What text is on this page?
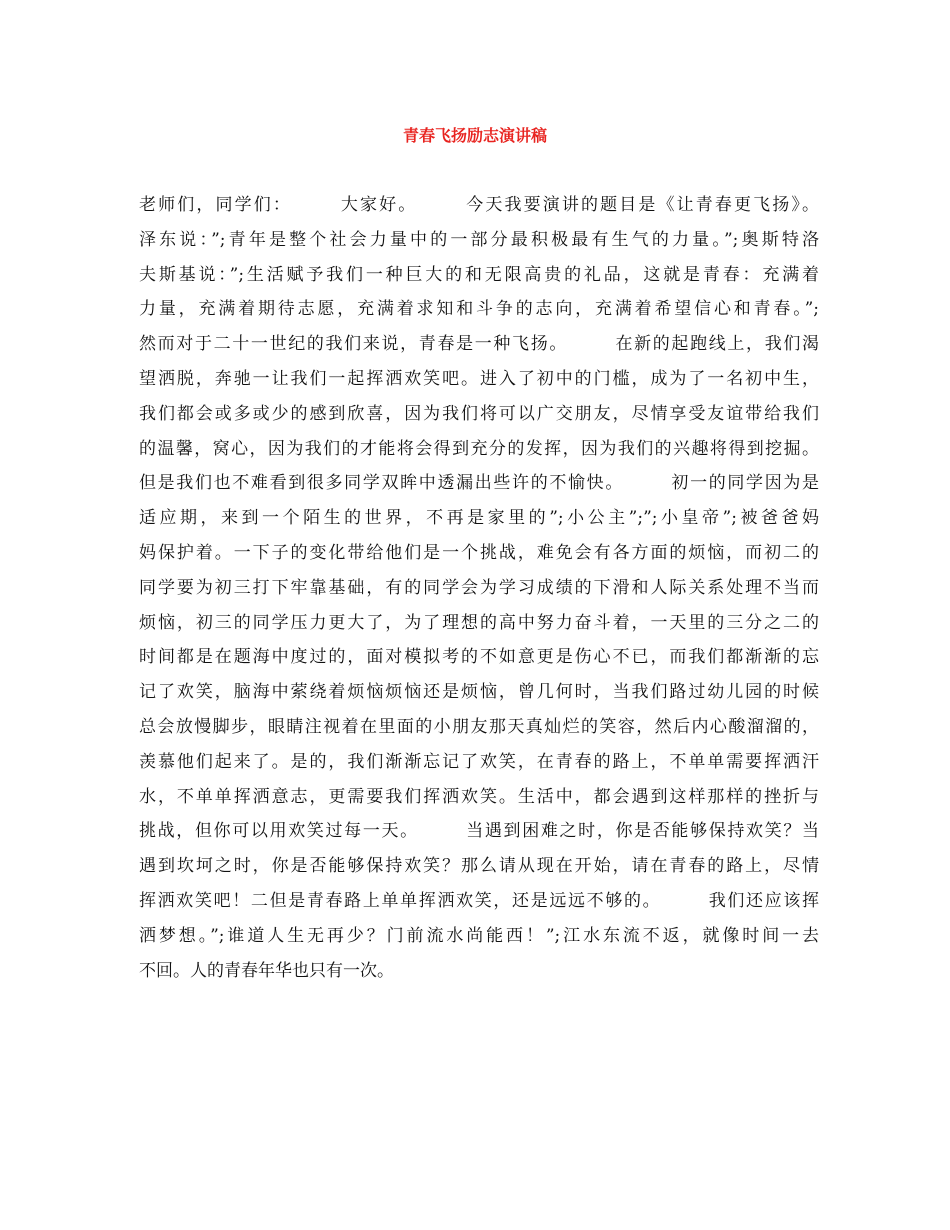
青春飞扬励志演讲稿
老师们，同学们：　　　大家好。　　　今天我要演讲的题目是《让青春更飞扬》。
泽东说：”;青年是整个社会力量中的一部分最积极最有生气的力量。”;奥斯特洛
夫斯基说：”;生活赋予我们一种巨大的和无限高贵的礼品，这就是青春：充满着
力量，充满着期待志愿，充满着求知和斗争的志向，充满着希望信心和青春。”;
然而对于二十一世纪的我们来说，青春是一种飞扬。　　　在新的起跑线上，我们渴
望洒脱，奔驰一让我们一起挥洒欢笑吧。进入了初中的门槛，成为了一名初中生，
我们都会或多或少的感到欣喜，因为我们将可以广交朋友，尽情享受友谊带给我们
的温馨，窝心，因为我们的才能将会得到充分的发挥，因为我们的兴趣将得到挖掘。
但是我们也不难看到很多同学双眸中透漏出些许的不愉快。　　　初一的同学因为是
适应期，来到一个陌生的世界，不再是家里的”;小公主”;”;小皇帝”;被爸爸妈
妈保护着。一下子的变化带给他们是一个挑战，难免会有各方面的烦恼，而初二的
同学要为初三打下牢靠基础，有的同学会为学习成绩的下滑和人际关系处理不当而
烦恼，初三的同学压力更大了，为了理想的高中努力奋斗着，一天里的三分之二的
时间都是在题海中度过的，面对模拟考的不如意更是伤心不已，而我们都渐渐的忘
记了欢笑，脑海中萦绕着烦恼烦恼还是烦恼，曾几何时，当我们路过幼儿园的时候
总会放慢脚步，眼睛注视着在里面的小朋友那天真灿烂的笑容，然后内心酸溜溜的，
羡慕他们起来了。是的，我们渐渐忘记了欢笑，在青春的路上，不单单需要挥洒汗
水，不单单挥洒意志，更需要我们挥洒欢笑。生活中，都会遇到这样那样的挫折与
挑战，但你可以用欢笑过每一天。　　　当遇到困难之时，你是否能够保持欢笑？当
遇到坎坷之时，你是否能够保持欢笑？那么请从现在开始，请在青春的路上，尽情
挥洒欢笑吧！二但是青春路上单单挥洒欢笑，还是远远不够的。　　　我们还应该挥
洒梦想。”;谁道人生无再少？门前流水尚能西！”;江水东流不返，就像时间一去
不回。人的青春年华也只有一次。
